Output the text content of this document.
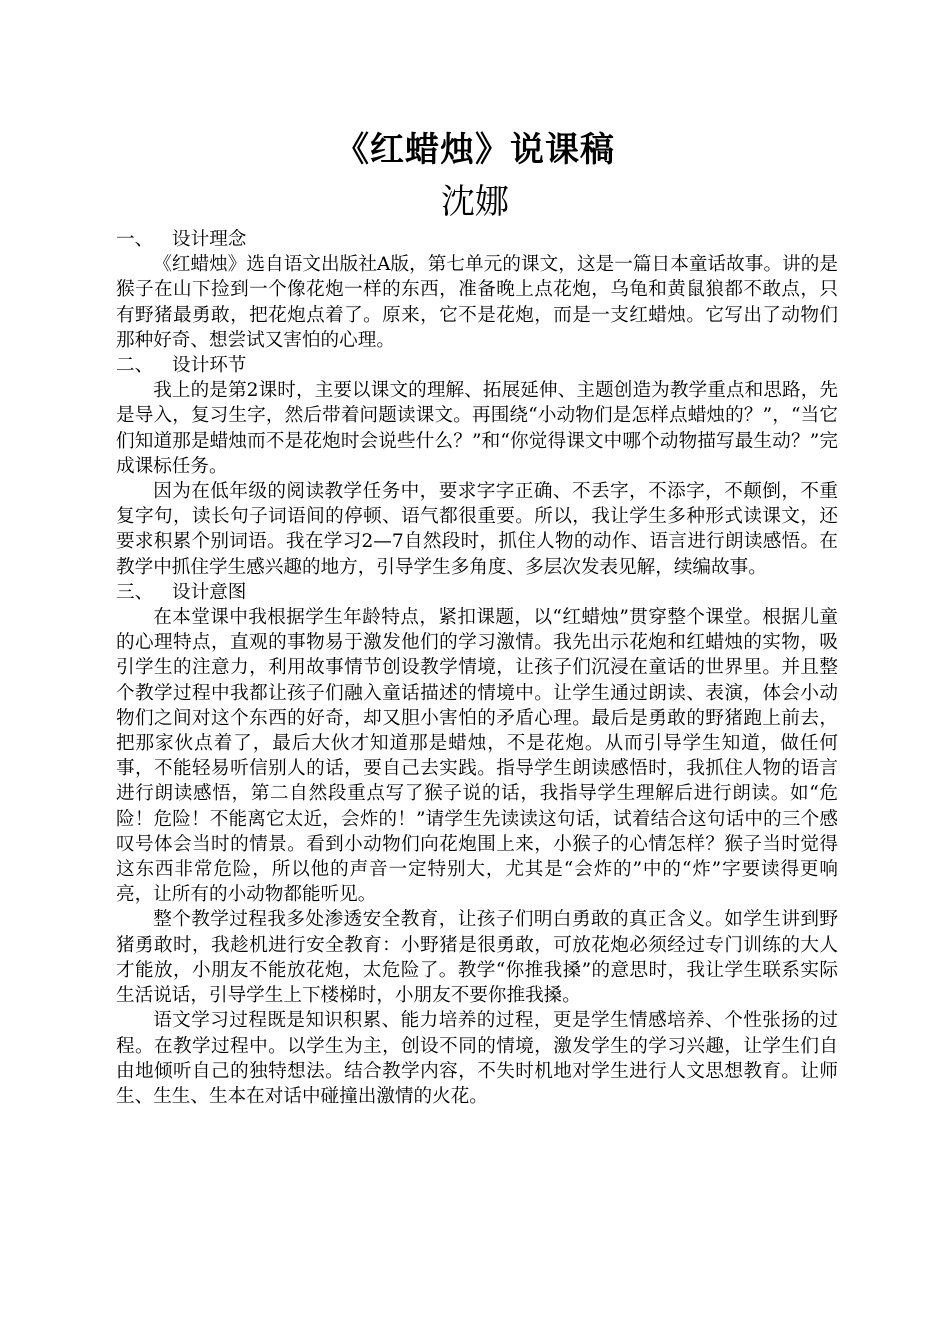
《红蜡烛》说课稿
沈娜
一、 设计理念

《红蜡烛》选自语文出版社A版，第七单元的课文，这是一篇日本童话故事。讲的是猴子在山下捡到一个像花炮一样的东西，准备晚上点花炮，乌龟和黄鼠狼都不敢点，只有野猪最勇敢，把花炮点着了。原来，它不是花炮，而是一支红蜡烛。它写出了动物们那种好奇、想尝试又害怕的心理。

二、 设计环节

我上的是第2课时，主要以课文的理解、拓展延伸、主题创造为教学重点和思路，先是导入，复习生字，然后带着问题读课文。再围绕“小动物们是怎样点蜡烛的？”，“当它们知道那是蜡烛而不是花炮时会说些什么？”和“你觉得课文中哪个动物描写最生动？”完成课标任务。

因为在低年级的阅读教学任务中，要求字字正确、不丢字，不添字，不颠倒，不重复字句，读长句子词语间的停顿、语气都很重要。所以，我让学生多种形式读课文，还要求积累个别词语。我在学习2—7自然段时，抓住人物的动作、语言进行朗读感悟。在教学中抓住学生感兴趣的地方，引导学生多角度、多层次发表见解，续编故事。

三、 设计意图

在本堂课中我根据学生年龄特点，紧扣课题，以“红蜡烛”贯穿整个课堂。根据儿童的心理特点，直观的事物易于激发他们的学习激情。我先出示花炮和红蜡烛的实物，吸引学生的注意力，利用故事情节创设教学情境，让孩子们沉浸在童话的世界里。并且整个教学过程中我都让孩子们融入童话描述的情境中。让学生通过朗读、表演，体会小动物们之间对这个东西的好奇，却又胆小害怕的矛盾心理。最后是勇敢的野猪跑上前去，把那家伙点着了，最后大伙才知道那是蜡烛，不是花炮。从而引导学生知道，做任何事，不能轻易听信别人的话，要自己去实践。指导学生朗读感悟时，我抓住人物的语言进行朗读感悟，第二自然段重点写了猴子说的话，我指导学生理解后进行朗读。如“危险！危险！不能离它太近，会炸的！”请学生先读读这句话，试着结合这句话中的三个感叹号体会当时的情景。看到小动物们向花炮围上来，小猴子的心情怎样？猴子当时觉得这东西非常危险，所以他的声音一定特别大，尤其是“会炸的”中的“炸”字要读得更响亮，让所有的小动物都能听见。

整个教学过程我多处渗透安全教育，让孩子们明白勇敢的真正含义。如学生讲到野猪勇敢时，我趁机进行安全教育：小野猪是很勇敢，可放花炮必须经过专门训练的大人才能放，小朋友不能放花炮，太危险了。教学“你推我搡”的意思时，我让学生联系实际生活说话，引导学生上下楼梯时，小朋友不要你推我搡。

语文学习过程既是知识积累、能力培养的过程，更是学生情感培养、个性张扬的过程。在教学过程中。以学生为主，创设不同的情境，激发学生的学习兴趣，让学生们自由地倾听自己的独特想法。结合教学内容，不失时机地对学生进行人文思想教育。让师生、生生、生本在对话中碰撞出激情的火花。
